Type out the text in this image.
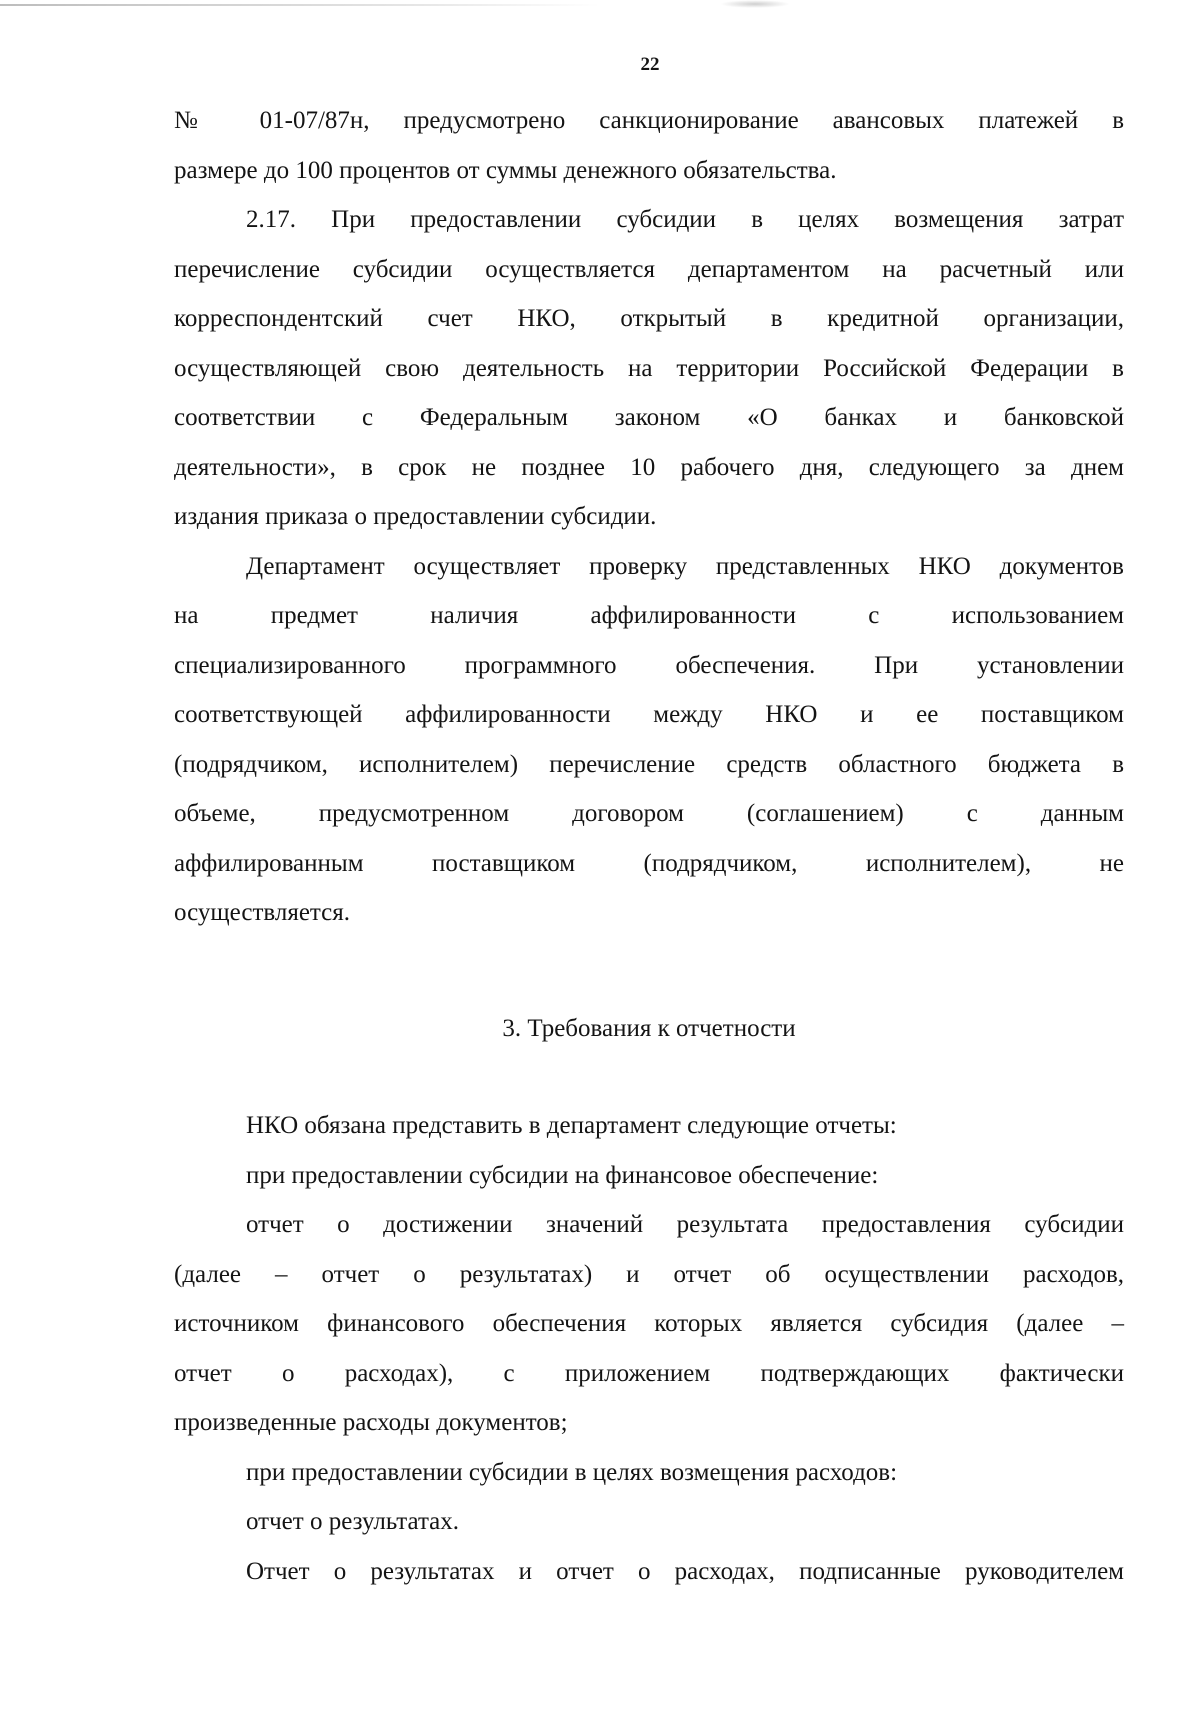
22

№ 01-07/87н, предусмотрено санкционирование авансовых платежей в

размере до 100 процентов от суммы денежного обязательства.

2.17. При предоставлении субсидии в целях возмещения затрат

перечисление субсидии осуществляется департаментом на расчетный или

корреспондентский счет НКО, открытый в кредитной организации,

осуществляющей свою деятельность на территории Российской Федерации в

соответствии с Федеральным законом «О банках и банковской

деятельности», в срок не позднее 10 рабочего дня, следующего за днем

издания приказа о предоставлении субсидии.

Департамент осуществляет проверку представленных НКО документов

на предмет наличия аффилированности с использованием

специализированного программного обеспечения. При установлении

соответствующей аффилированности между НКО и ее поставщиком

(подрядчиком, исполнителем) перечисление средств областного бюджета в

объеме, предусмотренном договором (соглашением) с данным

аффилированным поставщиком (подрядчиком, исполнителем), не

осуществляется.

3. Требования к отчетности

НКО обязана представить в департамент следующие отчеты:

при предоставлении субсидии на финансовое обеспечение:

отчет о достижении значений результата предоставления субсидии

(далее – отчет о результатах) и отчет об осуществлении расходов,

источником финансового обеспечения которых является субсидия (далее –

отчет о расходах), с приложением подтверждающих фактически

произведенные расходы документов;

при предоставлении субсидии в целях возмещения расходов:

отчет о результатах.

Отчет о результатах и отчет о расходах, подписанные руководителем
